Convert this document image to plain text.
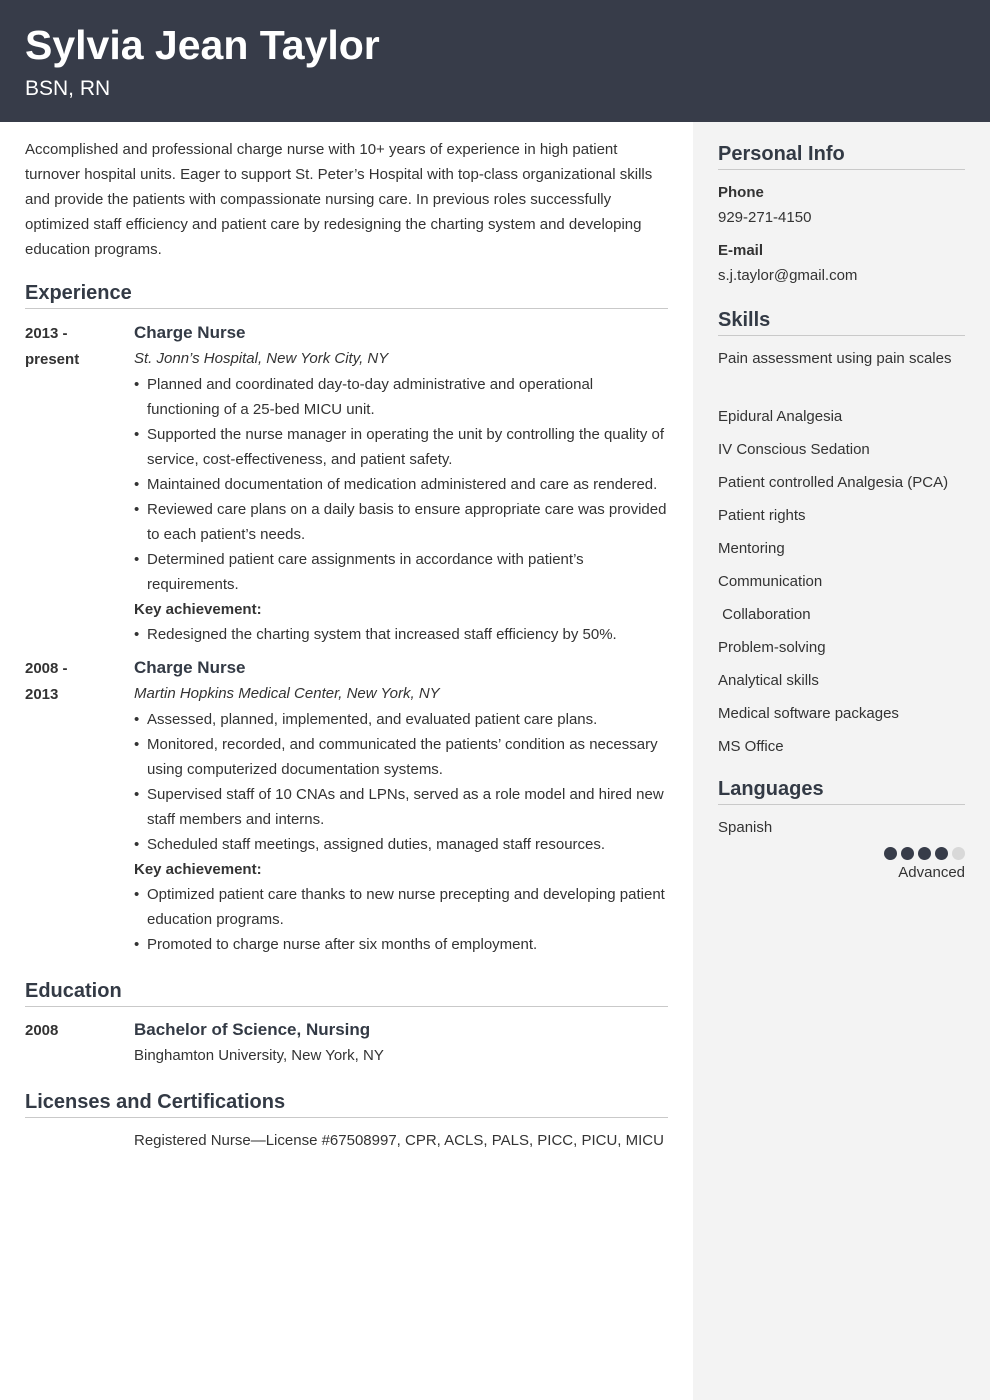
Sylvia Jean Taylor
BSN, RN

Accomplished and professional charge nurse with 10+ years of experience in high patient turnover hospital units. Eager to support St. Peter’s Hospital with top-class organizational skills and provide the patients with compassionate nursing care. In previous roles successfully optimized staff efficiency and patient care by redesigning the charting system and developing education programs.

Experience
2013 -
present
Charge Nurse
St. Jonn’s Hospital, New York City, NY
• Planned and coordinated day-to-day administrative and operational functioning of a 25-bed MICU unit.
• Supported the nurse manager in operating the unit by controlling the quality of service, cost-effectiveness, and patient safety.
• Maintained documentation of medication administered and care as rendered.
• Reviewed care plans on a daily basis to ensure appropriate care was provided to each patient’s needs.
• Determined patient care assignments in accordance with patient’s requirements.
Key achievement:
• Redesigned the charting system that increased staff efficiency by 50%.
2008 -
2013
Charge Nurse
Martin Hopkins Medical Center, New York, NY
• Assessed, planned, implemented, and evaluated patient care plans.
• Monitored, recorded, and communicated the patients’ condition as necessary using computerized documentation systems.
• Supervised staff of 10 CNAs and LPNs, served as a role model and hired new staff members and interns.
• Scheduled staff meetings, assigned duties, managed staff resources.
Key achievement:
• Optimized patient care thanks to new nurse precepting and developing patient education programs.
• Promoted to charge nurse after six months of employment.
Education
2008	Bachelor of Science, Nursing
Binghamton University, New York, NY
Licenses and Certifications
Registered Nurse—License #67508997, CPR, ACLS, PALS, PICC, PICU, MICU
Personal Info
Phone
929-271-4150
E-mail
s.j.taylor@gmail.com
Skills
Pain assessment using pain scales
Epidural Analgesia
IV Conscious Sedation
Patient controlled Analgesia (PCA)
Patient rights
Mentoring
Communication
Collaboration
Problem-solving
Analytical skills
Medical software packages
MS Office
Languages
Spanish
Advanced
